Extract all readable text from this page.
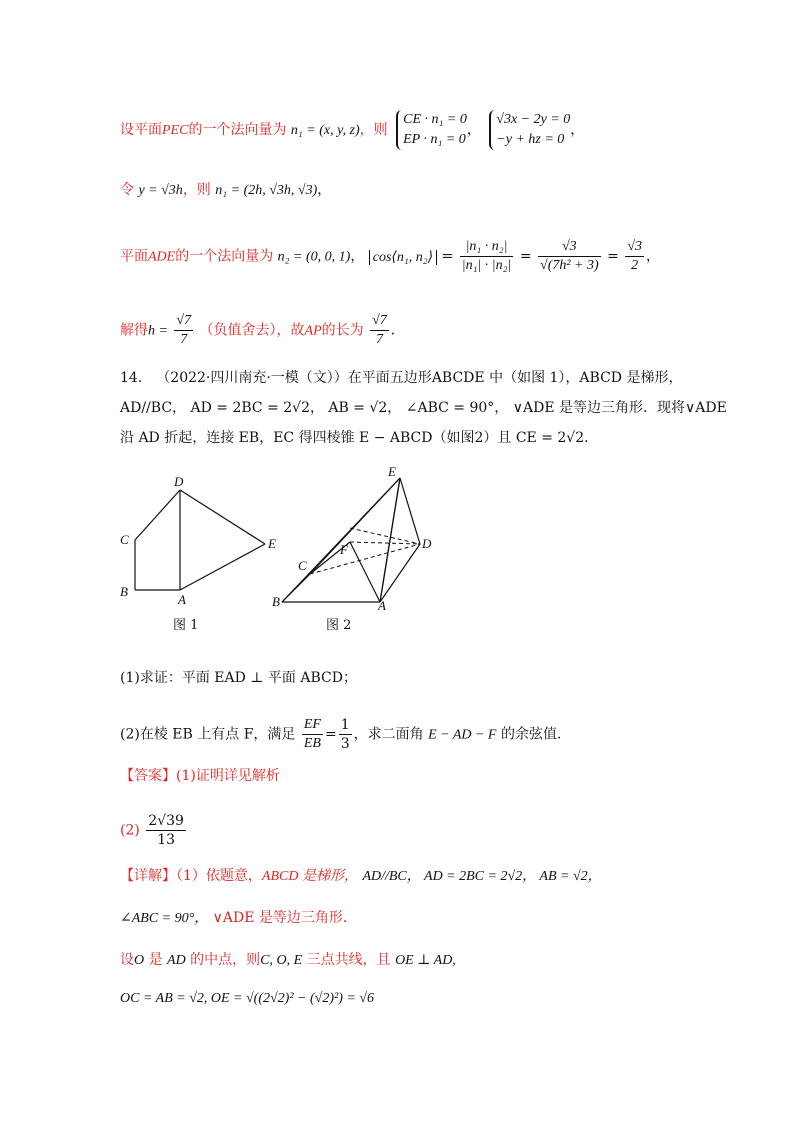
设平面PEC的一个法向量为 n₁ = (x, y, z)，则
CE · n₁ = 0
EP · n₁ = 0
，
√3x − 2y = 0
−y + hz = 0
，
令 y = √3h，则 n₁ = (2h, √3h, √3)，
平面ADE的一个法向量为 n₂ = (0, 0, 1)， cos⟨n₁, n₂⟩ = $\frac{\text{|n₁ · n₂|}}{\text{|n₁| · |n₂|}} = \frac{√3}{\text{√(7h² + 3)}} = \frac{√3}{2}$ ，
解得$h = \frac{√7}{7}$ （负值舍去），故AP的长为 $\frac{√7}{7}$ ．
14． （2022·四川南充·一模（文））在平面五边形ABCDE 中（如图 1），ABCD 是梯形，
AD//BC， AD = 2BC = 2√2， AB = √2， ∠ABC = 90°， ∨ADE 是等边三角形．现将∨ADE
沿 AD 折起，连接 EB，EC 得四棱锥 E − ABCD（如图2）且 CE = 2√2．
D
C
B
A
E
图 1
E
F	D
C
B	A
图 2
(1)求证：平面 EAD ⊥ 平面 ABCD；
(2)在棱 EB 上有点 F，满足 $\frac{EF}{EB} = \frac{1}{3}$ ，求二面角 E − AD − F 的余弦值．
【答案】(1)证明详见解析
$(2) \frac{2√39}{13}$
【详解】（1）依题意，ABCD 是梯形， AD//BC， AD = 2BC = 2√2， AB = √2，
∠ABC = 90°， ∨ADE 是等边三角形．
设O 是 AD 的中点，则C, O, E 三点共线，且 OE ⊥ AD,
OC = AB = √2, OE = √((2√2)² − (√2)²) = √6
